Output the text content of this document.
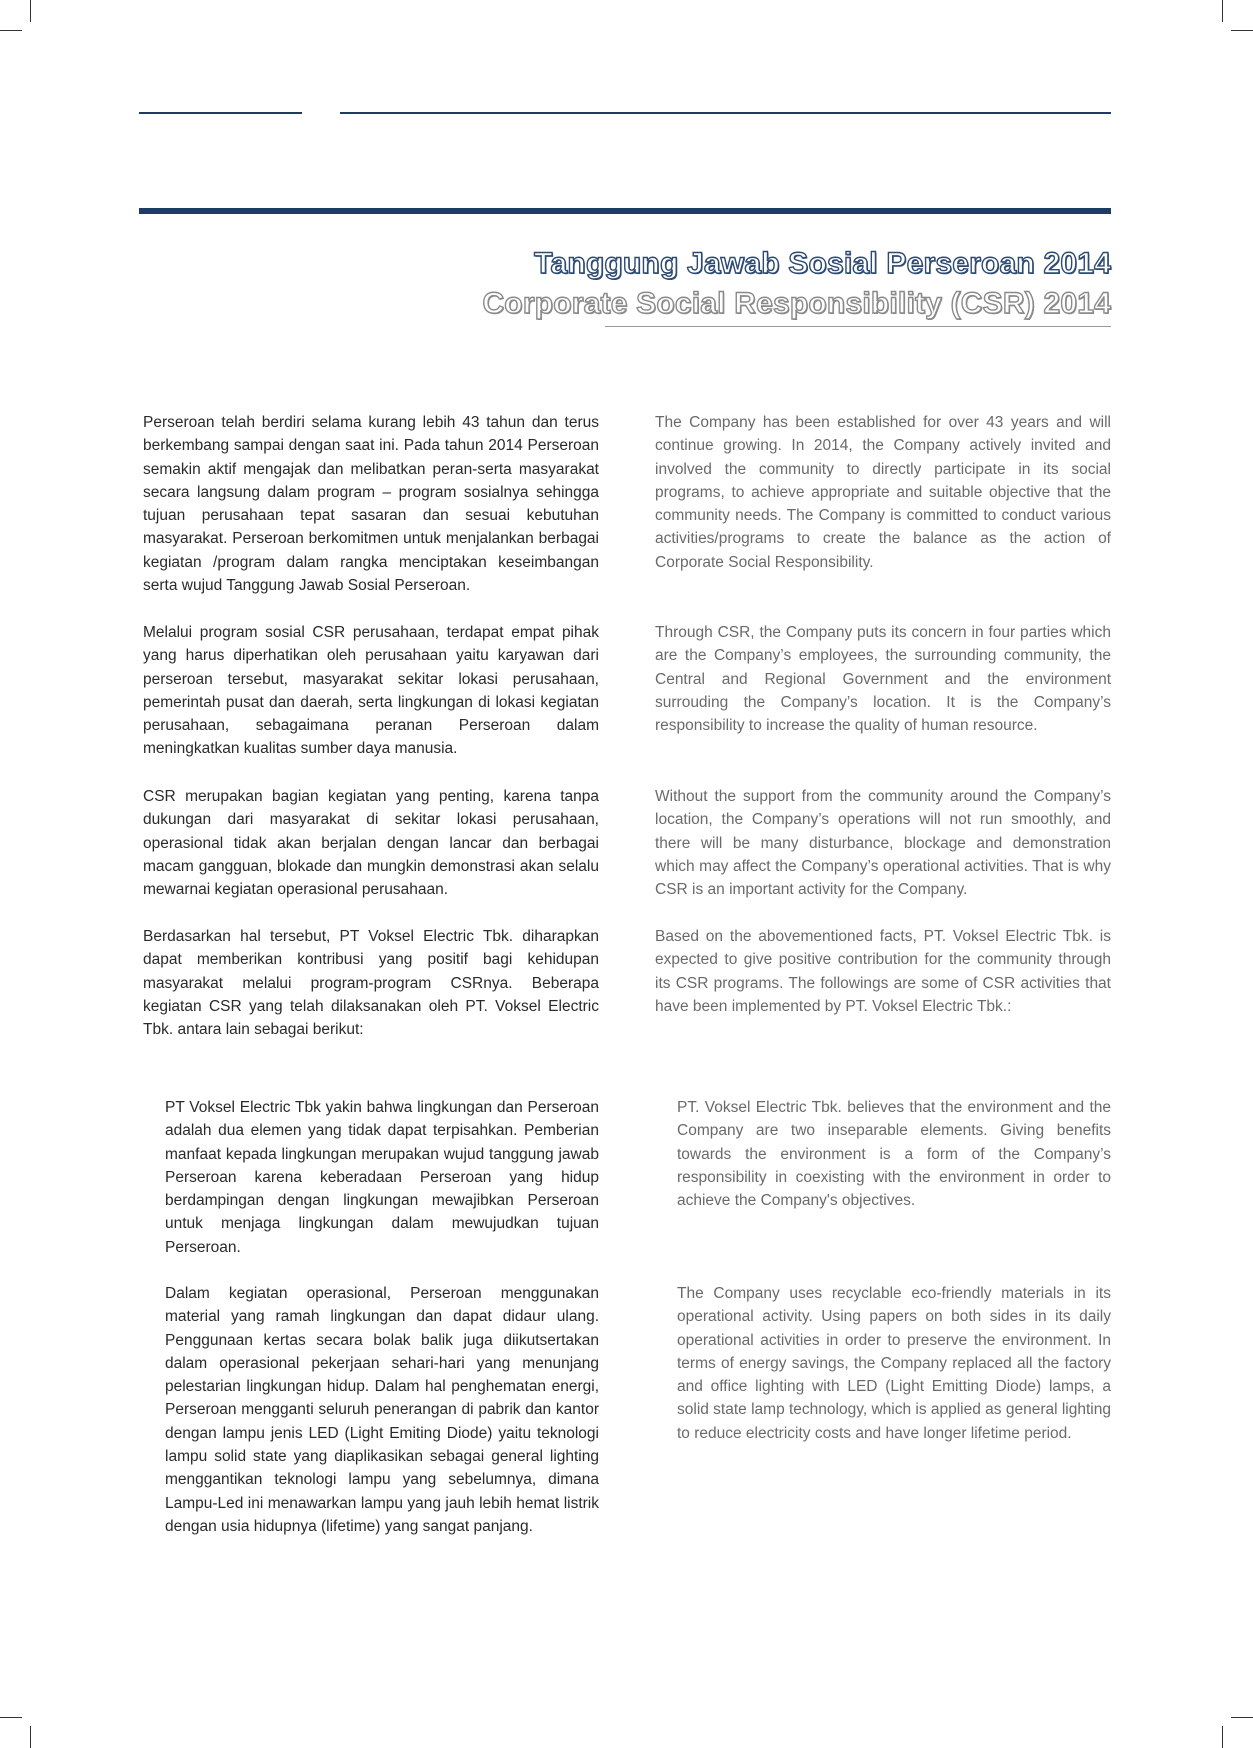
Tanggung Jawab Sosial Perseroan 2014
Corporate Social Responsibility (CSR) 2014

Perseroan telah berdiri selama kurang lebih 43 tahun dan terus berkembang sampai dengan saat ini. Pada tahun 2014 Perseroan semakin aktif mengajak dan melibatkan peran-serta masyarakat secara langsung dalam program – program sosialnya sehingga tujuan perusahaan tepat sasaran dan sesuai kebutuhan masyarakat. Perseroan berkomitmen untuk menjalankan berbagai kegiatan /program dalam rangka menciptakan keseimbangan serta wujud Tanggung Jawab Sosial Perseroan.

Melalui program sosial CSR perusahaan, terdapat empat pihak yang harus diperhatikan oleh perusahaan yaitu karyawan dari perseroan tersebut, masyarakat sekitar lokasi perusahaan, pemerintah pusat dan daerah, serta lingkungan di lokasi kegiatan perusahaan, sebagaimana peranan Perseroan dalam meningkatkan kualitas sumber daya manusia.

CSR merupakan bagian kegiatan yang penting, karena tanpa dukungan dari masyarakat di sekitar lokasi perusahaan, operasional tidak akan berjalan dengan lancar dan berbagai macam gangguan, blokade dan mungkin demonstrasi akan selalu mewarnai kegiatan operasional perusahaan.

Berdasarkan hal tersebut, PT Voksel Electric Tbk. diharapkan dapat memberikan kontribusi yang positif bagi kehidupan masyarakat melalui program-program CSRnya. Beberapa kegiatan CSR yang telah dilaksanakan oleh PT. Voksel Electric Tbk. antara lain sebagai berikut:

The Company has been established for over 43 years and will continue growing. In 2014, the Company actively invited and involved the community to directly participate in its social programs, to achieve appropriate and suitable objective that the community needs. The Company is committed to conduct various activities/programs to create the balance as the action of Corporate Social Responsibility.

Through CSR, the Company puts its concern in four parties which are the Company’s employees, the surrounding community, the Central and Regional Government and the environment surrouding the Company’s location. It is the Company’s responsibility to increase the quality of human resource.

Without the support from the community around the Company’s location, the Company’s operations will not run smoothly, and there will be many disturbance, blockage and demonstration which may affect the Company’s operational activities. That is why CSR is an important activity for the Company.

Based on the abovementioned facts, PT. Voksel Electric Tbk. is expected to give positive contribution for the community through its CSR programs. The followings are some of CSR activities that have been implemented by PT. Voksel Electric Tbk.:

PT Voksel Electric Tbk yakin bahwa lingkungan dan Perseroan adalah dua elemen yang tidak dapat terpisahkan. Pemberian manfaat kepada lingkungan merupakan wujud tanggung jawab Perseroan karena keberadaan Perseroan yang hidup berdampingan dengan lingkungan mewajibkan Perseroan untuk menjaga lingkungan dalam mewujudkan tujuan Perseroan.

Dalam kegiatan operasional, Perseroan menggunakan material yang ramah lingkungan dan dapat didaur ulang. Penggunaan kertas secara bolak balik juga diikutsertakan dalam operasional pekerjaan sehari-hari yang menunjang pelestarian lingkungan hidup. Dalam hal penghematan energi, Perseroan mengganti seluruh penerangan di pabrik dan kantor dengan lampu jenis LED (Light Emiting Diode) yaitu teknologi lampu solid state yang diaplikasikan sebagai general lighting menggantikan teknologi lampu yang sebelumnya, dimana Lampu-Led ini menawarkan lampu yang jauh lebih hemat listrik dengan usia hidupnya (lifetime) yang sangat panjang.

PT. Voksel Electric Tbk. believes that the environment and the Company are two inseparable elements. Giving benefits towards the environment is a form of the Company’s responsibility in coexisting with the environment in order to achieve the Company's objectives.

The Company uses recyclable eco-friendly materials in its operational activity. Using papers on both sides in its daily operational activities in order to preserve the environment. In terms of energy savings, the Company replaced all the factory and office lighting with LED (Light Emitting Diode) lamps, a solid state lamp technology, which is applied as general lighting to reduce electricity costs and have longer lifetime period.
